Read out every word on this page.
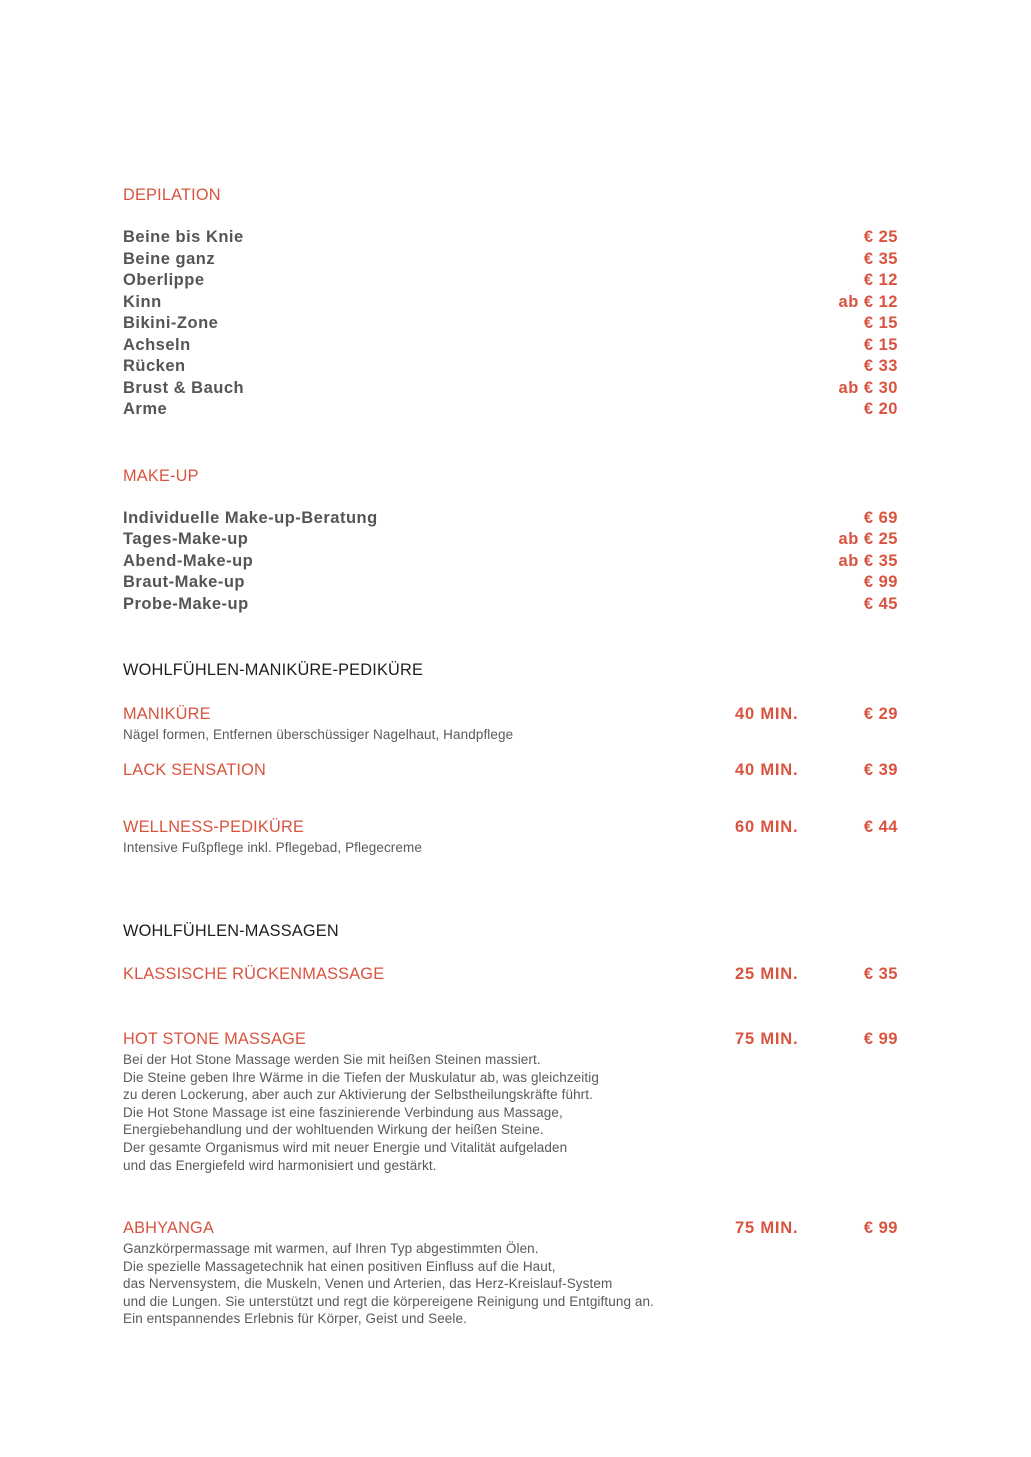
DEPILATION
Beine bis Knie	€ 25
Beine ganz	€ 35
Oberlippe	€ 12
Kinn	ab € 12
Bikini-Zone	€ 15
Achseln	€ 15
Rücken	€ 33
Brust & Bauch	ab € 30
Arme	€ 20
MAKE-UP
Individuelle Make-up-Beratung	€ 69
Tages-Make-up	ab € 25
Abend-Make-up	ab € 35
Braut-Make-up	€ 99
Probe-Make-up	€ 45
WOHLFÜHLEN-MANIKÜRE-PEDIKÜRE
MANIKÜRE	40 MIN.	€ 29
Nägel formen, Entfernen überschüssiger Nagelhaut, Handpflege
LACK SENSATION	40 MIN.	€ 39
WELLNESS-PEDIKÜRE	60 MIN.	€ 44
Intensive Fußpflege inkl. Pflegebad, Pflegecreme
WOHLFÜHLEN-MASSAGEN
KLASSISCHE RÜCKENMASSAGE	25 MIN.	€ 35
HOT STONE MASSAGE	75 MIN.	€ 99
Bei der Hot Stone Massage werden Sie mit heißen Steinen massiert.
Die Steine geben Ihre Wärme in die Tiefen der Muskulatur ab, was gleichzeitig
zu deren Lockerung, aber auch zur Aktivierung der Selbstheilungskräfte führt.
Die Hot Stone Massage ist eine faszinierende Verbindung aus Massage,
Energiebehandlung und der wohltuenden Wirkung der heißen Steine.
Der gesamte Organismus wird mit neuer Energie und Vitalität aufgeladen
und das Energiefeld wird harmonisiert und gestärkt.
ABHYANGA	75 MIN.	€ 99
Ganzkörpermassage mit warmen, auf Ihren Typ abgestimmten Ölen.
Die spezielle Massagetechnik hat einen positiven Einfluss auf die Haut,
das Nervensystem, die Muskeln, Venen und Arterien, das Herz-Kreislauf-System
und die Lungen. Sie unterstützt und regt die körpereigene Reinigung und Entgiftung an.
Ein entspannendes Erlebnis für Körper, Geist und Seele.
